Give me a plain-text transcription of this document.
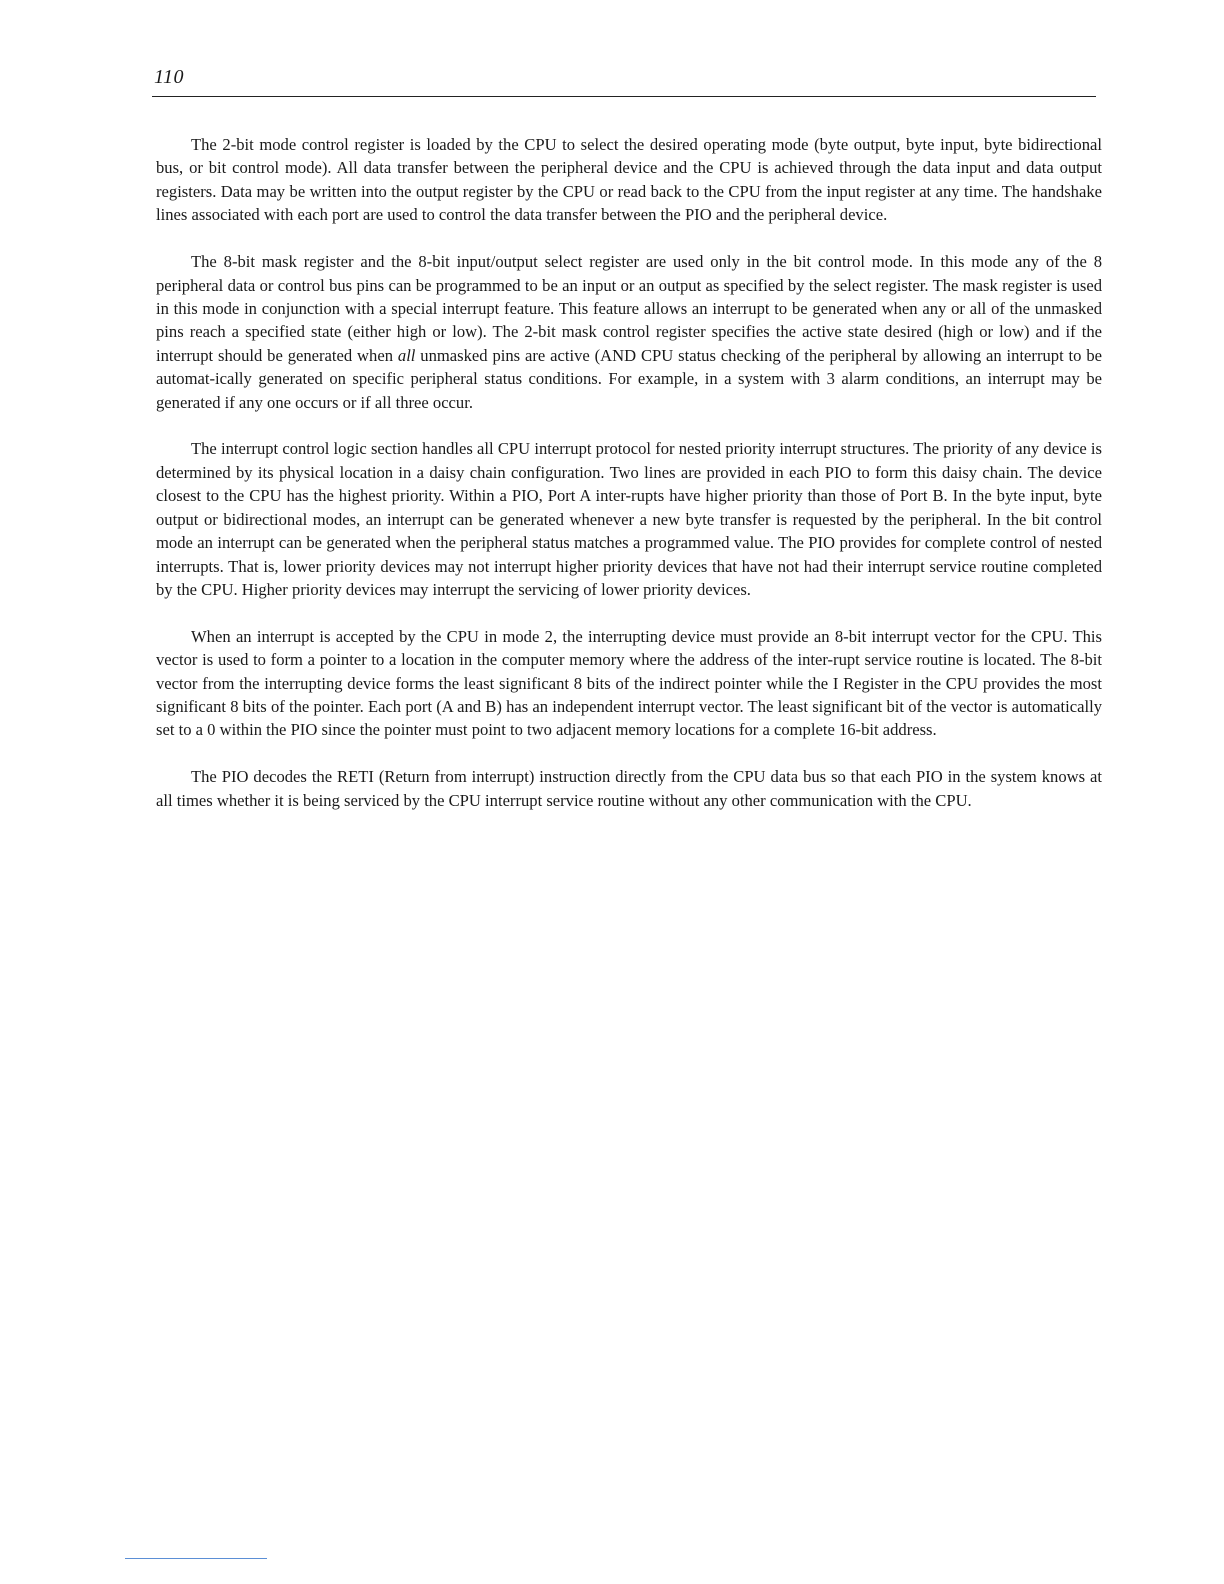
110

The 2-bit mode control register is loaded by the CPU to select the desired operating mode (byte output, byte input, byte bidirectional bus, or bit control mode). All data transfer between the peripheral device and the CPU is achieved through the data input and data output registers. Data may be written into the output register by the CPU or read back to the CPU from the input register at any time. The handshake lines associated with each port are used to control the data transfer between the PIO and the peripheral device.

The 8-bit mask register and the 8-bit input/output select register are used only in the bit control mode. In this mode any of the 8 peripheral data or control bus pins can be programmed to be an input or an output as specified by the select register. The mask register is used in this mode in conjunction with a special interrupt feature. This feature allows an interrupt to be generated when any or all of the unmasked pins reach a specified state (either high or low). The 2-bit mask control register specifies the active state desired (high or low) and if the interrupt should be generated when all unmasked pins are active (AND CPU status checking of the peripheral by allowing an interrupt to be automat-ically generated on specific peripheral status conditions. For example, in a system with 3 alarm conditions, an interrupt may be generated if any one occurs or if all three occur.

The interrupt control logic section handles all CPU interrupt protocol for nested priority interrupt structures. The priority of any device is determined by its physical location in a daisy chain configuration. Two lines are provided in each PIO to form this daisy chain. The device closest to the CPU has the highest priority. Within a PIO, Port A inter-rupts have higher priority than those of Port B. In the byte input, byte output or bidirectional modes, an interrupt can be generated whenever a new byte transfer is requested by the peripheral. In the bit control mode an interrupt can be generated when the peripheral status matches a programmed value. The PIO provides for complete control of nested interrupts. That is, lower priority devices may not interrupt higher priority devices that have not had their interrupt service routine completed by the CPU. Higher priority devices may interrupt the servicing of lower priority devices.

When an interrupt is accepted by the CPU in mode 2, the interrupting device must provide an 8-bit interrupt vector for the CPU. This vector is used to form a pointer to a location in the computer memory where the address of the inter-rupt service routine is located. The 8-bit vector from the interrupting device forms the least significant 8 bits of the indirect pointer while the I Register in the CPU provides the most significant 8 bits of the pointer. Each port (A and B) has an independent interrupt vector. The least significant bit of the vector is automatically set to a 0 within the PIO since the pointer must point to two adjacent memory locations for a complete 16-bit address.

The PIO decodes the RETI (Return from interrupt) instruction directly from the CPU data bus so that each PIO in the system knows at all times whether it is being serviced by the CPU interrupt service routine without any other communication with the CPU.
